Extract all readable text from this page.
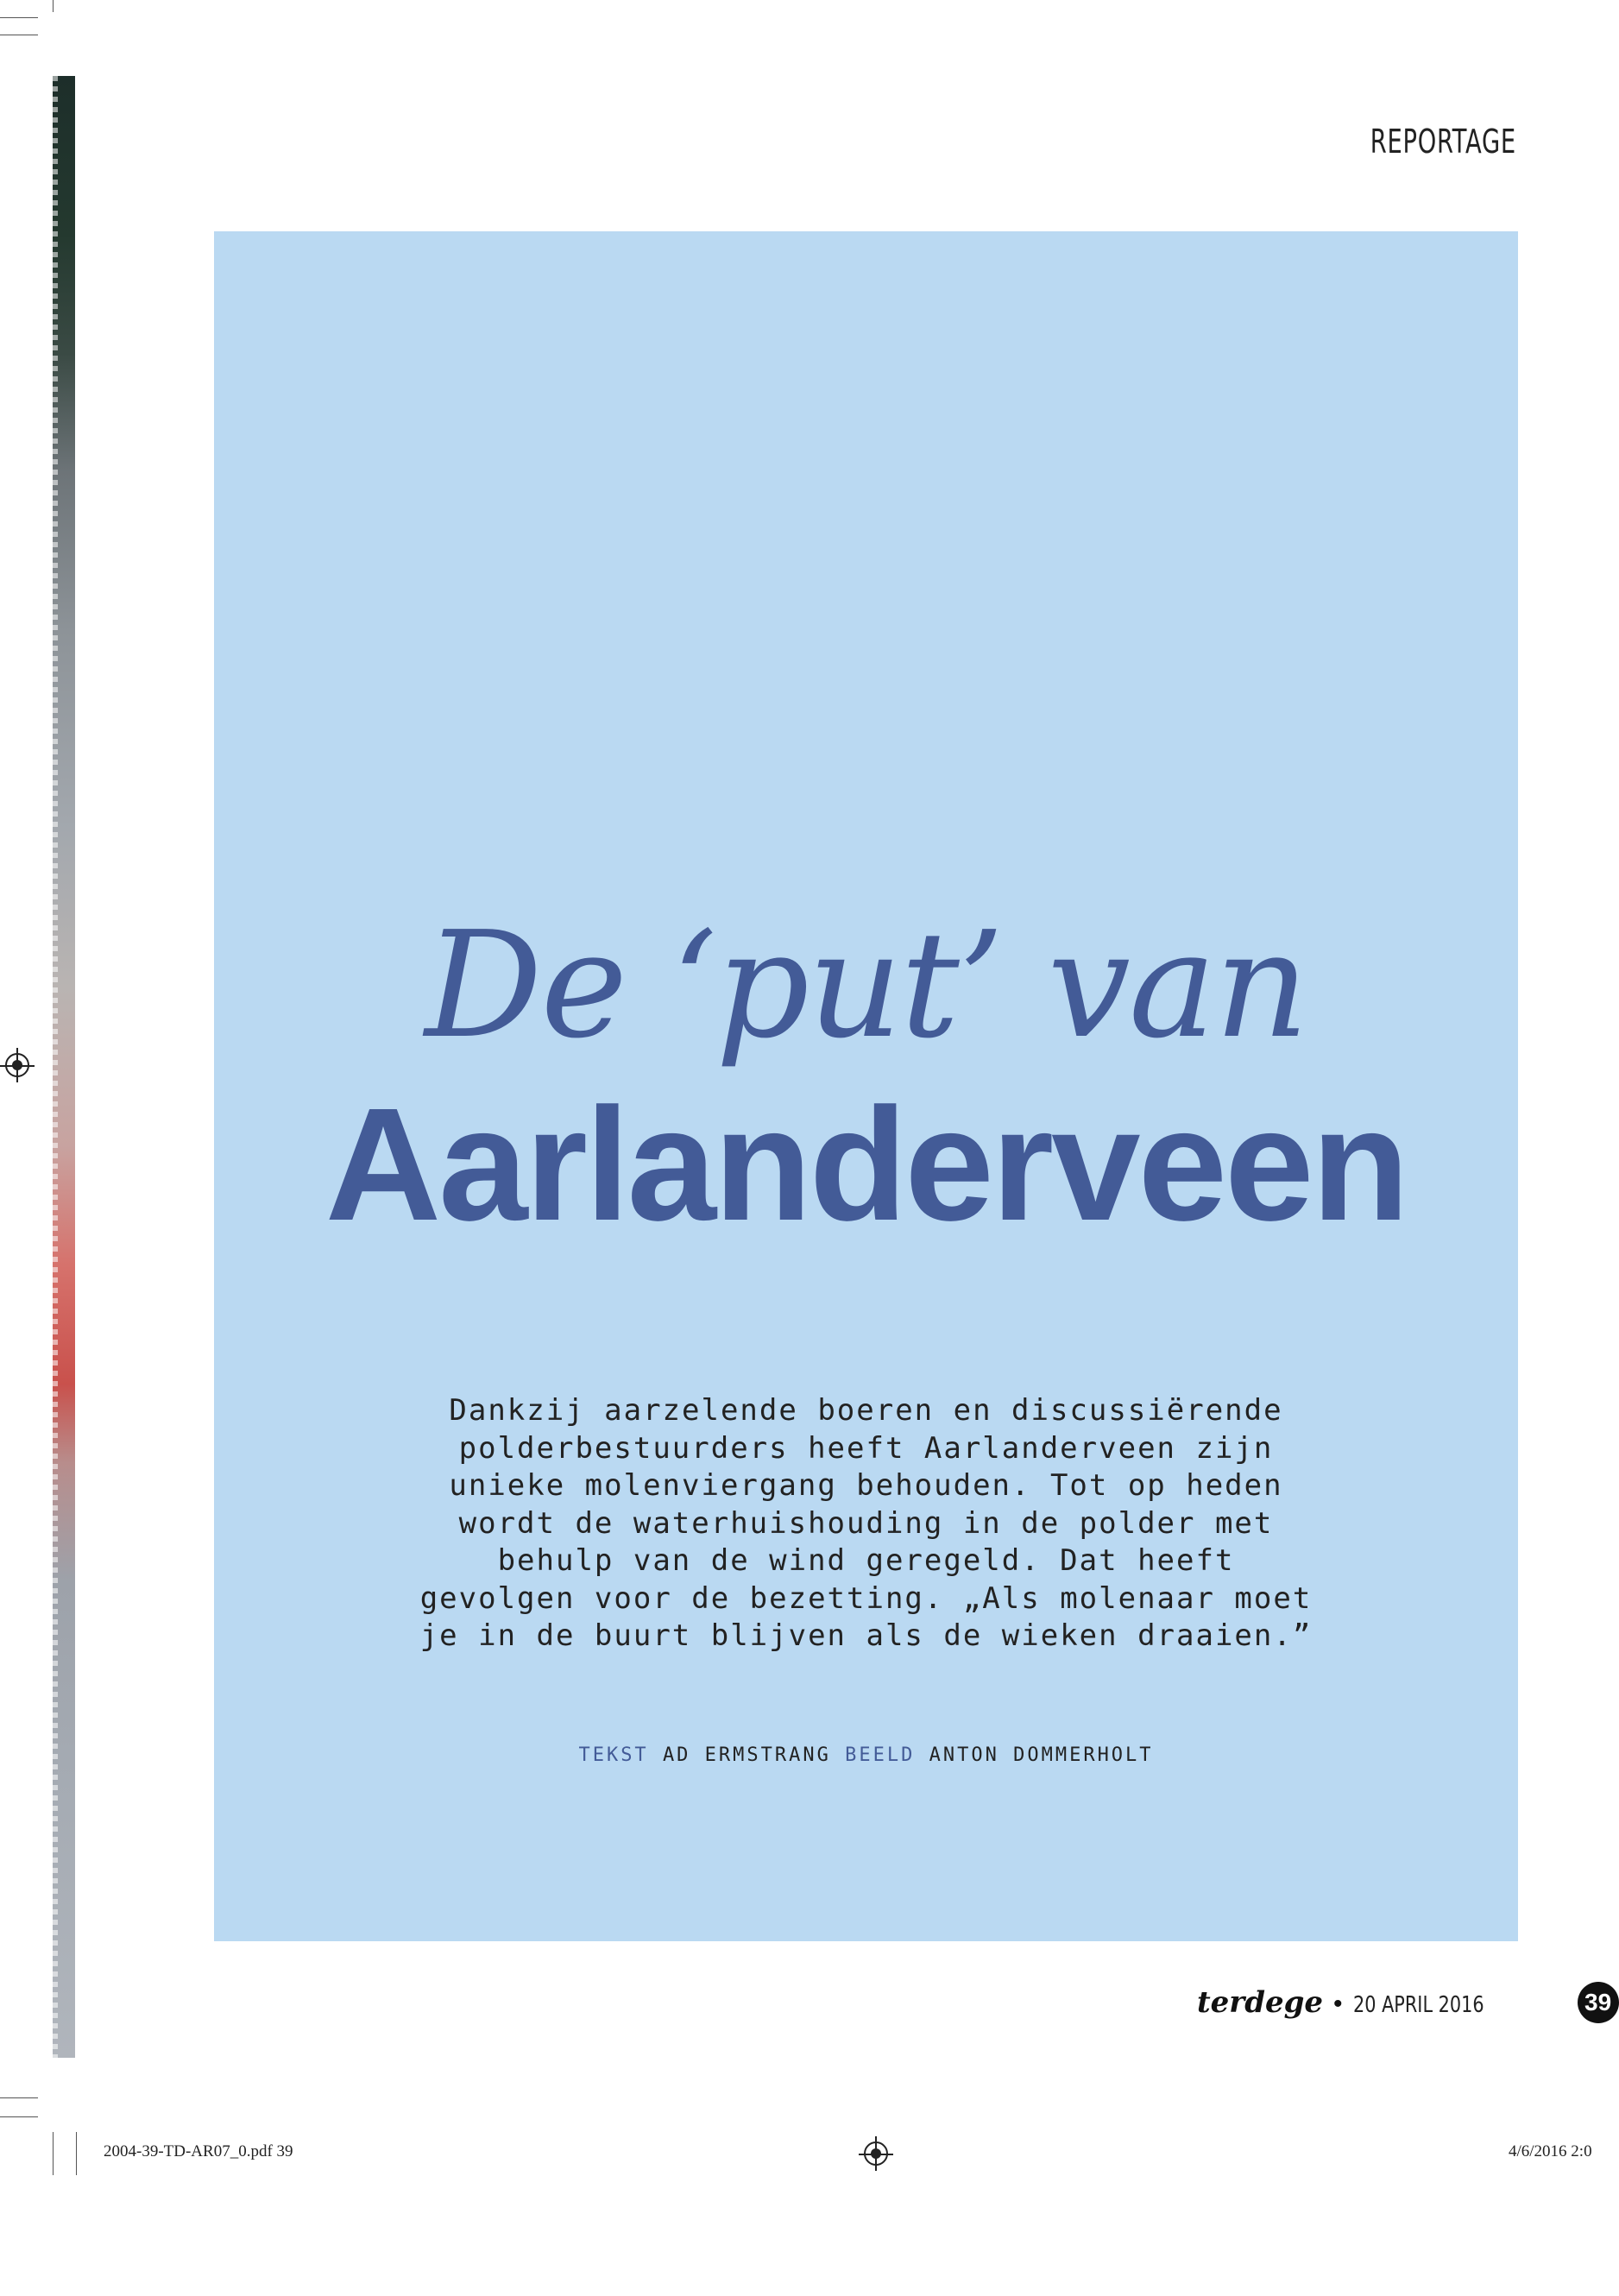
REPORTAGE
De ‘put’ van
Aarlanderveen
Dankzij aarzelende boeren en discussiërende polderbestuurders heeft Aarlanderveen zijn unieke molenviergang behouden. Tot op heden wordt de waterhuishouding in de polder met behulp van de wind geregeld. Dat heeft gevolgen voor de bezetting. „Als molenaar moet je in de buurt blijven als de wieken draaien.”
TEKST AD ERMSTRANG BEELD ANTON DOMMERHOLT
terdege • 20 APRIL 2016	39
2004-39-TD-AR07_0.pdf 39	4/6/2016 2:0
